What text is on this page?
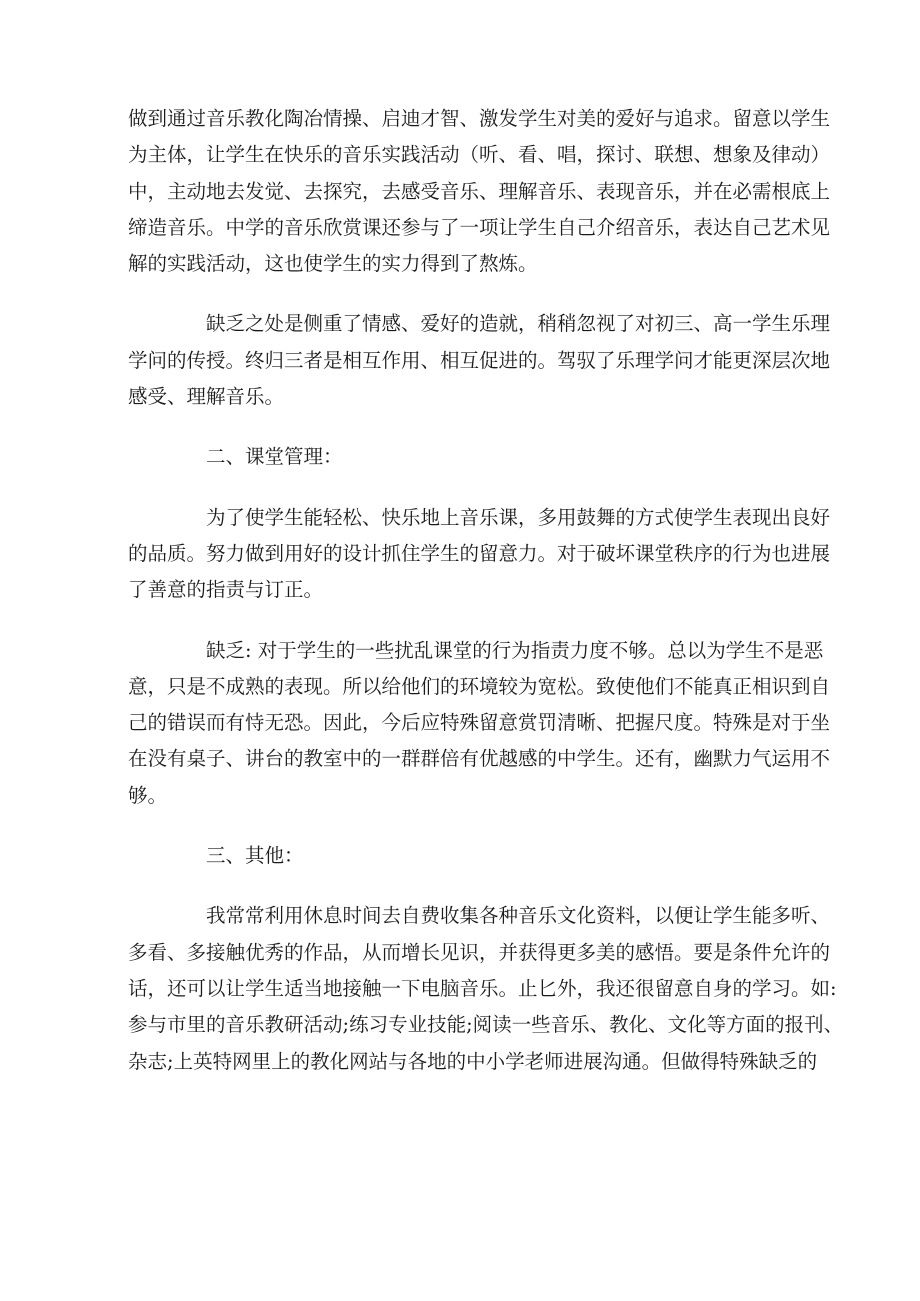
做到通过音乐教化陶冶情操、启迪才智、激发学生对美的爱好与追求。留意以学生
为主体，让学生在快乐的音乐实践活动（听、看、唱，探讨、联想、想象及律动）
中，主动地去发觉、去探究，去感受音乐、理解音乐、表现音乐，并在必需根底上
缔造音乐。中学的音乐欣赏课还参与了一项让学生自己介绍音乐，表达自己艺术见
解的实践活动，这也使学生的实力得到了熬炼。
缺乏之处是侧重了情感、爱好的造就，稍稍忽视了对初三、高一学生乐理
学问的传授。终归三者是相互作用、相互促进的。驾驭了乐理学问才能更深层次地
感受、理解音乐。
二、课堂管理：
为了使学生能轻松、快乐地上音乐课，多用鼓舞的方式使学生表现出良好
的品质。努力做到用好的设计抓住学生的留意力。对于破坏课堂秩序的行为也进展
了善意的指责与订正。
缺乏: 对于学生的一些扰乱课堂的行为指责力度不够。总以为学生不是恶
意，只是不成熟的表现。所以给他们的环境较为宽松。致使他们不能真正相识到自
己的错误而有恃无恐。因此，今后应特殊留意赏罚清晰、把握尺度。特殊是对于坐
在没有桌子、讲台的教室中的一群群倍有优越感的中学生。还有，幽默力气运用不
够。
三、其他：
我常常利用休息时间去自费收集各种音乐文化资料，以便让学生能多听、
多看、多接触优秀的作品，从而增长见识，并获得更多美的感悟。要是条件允许的
话，还可以让学生适当地接触一下电脑音乐。止匕外，我还很留意自身的学习。如:
参与市里的音乐教研活动;练习专业技能;阅读一些音乐、教化、文化等方面的报刊、
杂志;上英特网里上的教化网站与各地的中小学老师进展沟通。但做得特殊缺乏的
